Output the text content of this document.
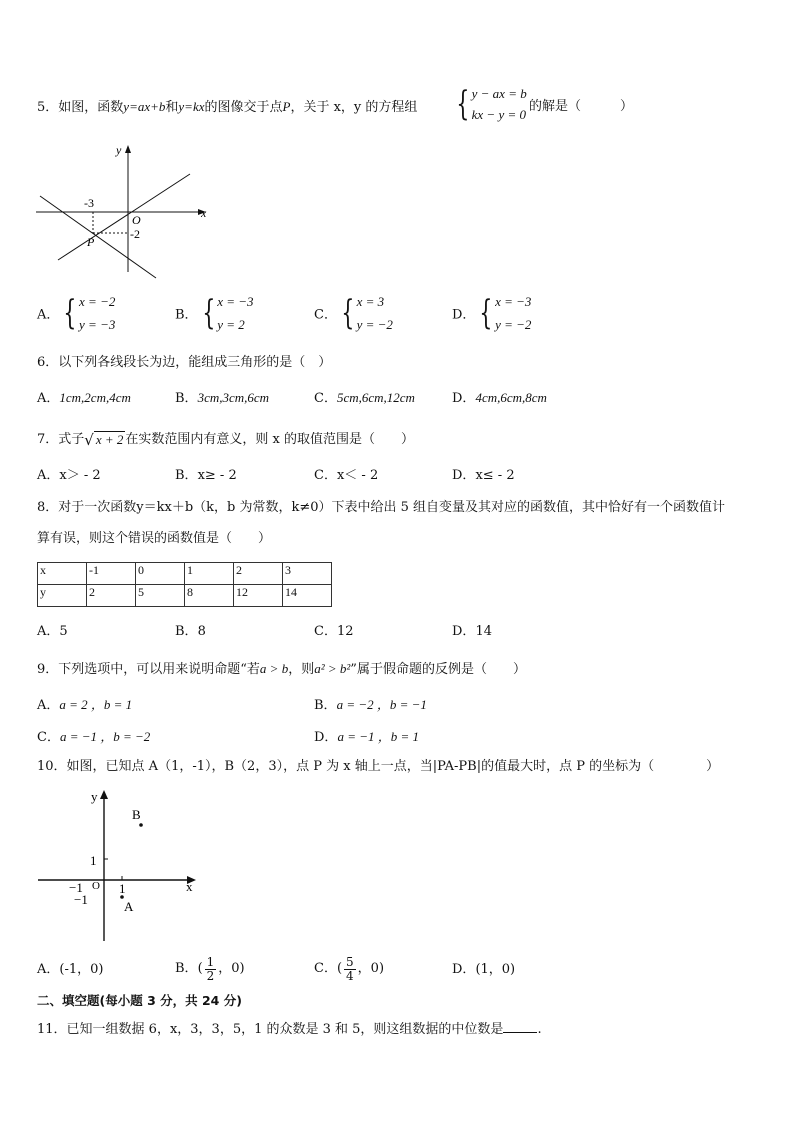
5．如图，函数y=ax+b和y=kx的图像交于点P，关于 x，y 的方程组 { y − ax = b
kx − y = 0
的解是（　　　）
y
x
O
-3
-2
P
A． { x = −2
y = −3
B． { x = −3
y = 2
C． { x = 3
y = −2
D． { x = −3
y = −2
6．以下列各线段长为边，能组成三角形的是（　）
A．1cm,2cm,4cm	B．3cm,3cm,6cm	C．5cm,6cm,12cm	D．4cm,6cm,8cm
7．式子 √ x + 2 在实数范围内有意义，则 x 的取值范围是（　　）
A．x＞ - 2	B．x≥ - 2	C．x＜ - 2	D．x≤ - 2
8．对于一次函数y＝kx＋b（k，b 为常数，k≠0）下表中给出 5 组自变量及其对应的函数值，其中恰好有一个函数值计
算有误，则这个错误的函数值是（　　）
x	-1	0	1	2	3
y	2	5	8	12	14
A．5	B．8	C．12	D．14
9．下列选项中，可以用来说明命题“若a > b，则a² > b²”属于假命题的反例是（　　）
A．a = 2 ，b = 1	B．a = −2 ，b = −1
C．a = −1 ，b = −2	D．a = −1 ，b = 1
10．如图，已知点 A（1，-1），B（2，3），点 P 为 x 轴上一点，当|PA-PB|的值最大时，点 P 的坐标为（　　　　）
y
x
B
A
1
−1 O 1
−1
A．(-1，0)	B． ( $\frac{1}{2}$ ，0)	C． ( $\frac{5}{4}$ ，0)	D．(1，0)
二、填空题(每小题 3 分，共 24 分)
11．已知一组数据 6，x，3，3，5，1 的众数是 3 和 5，则这组数据的中位数是	.
